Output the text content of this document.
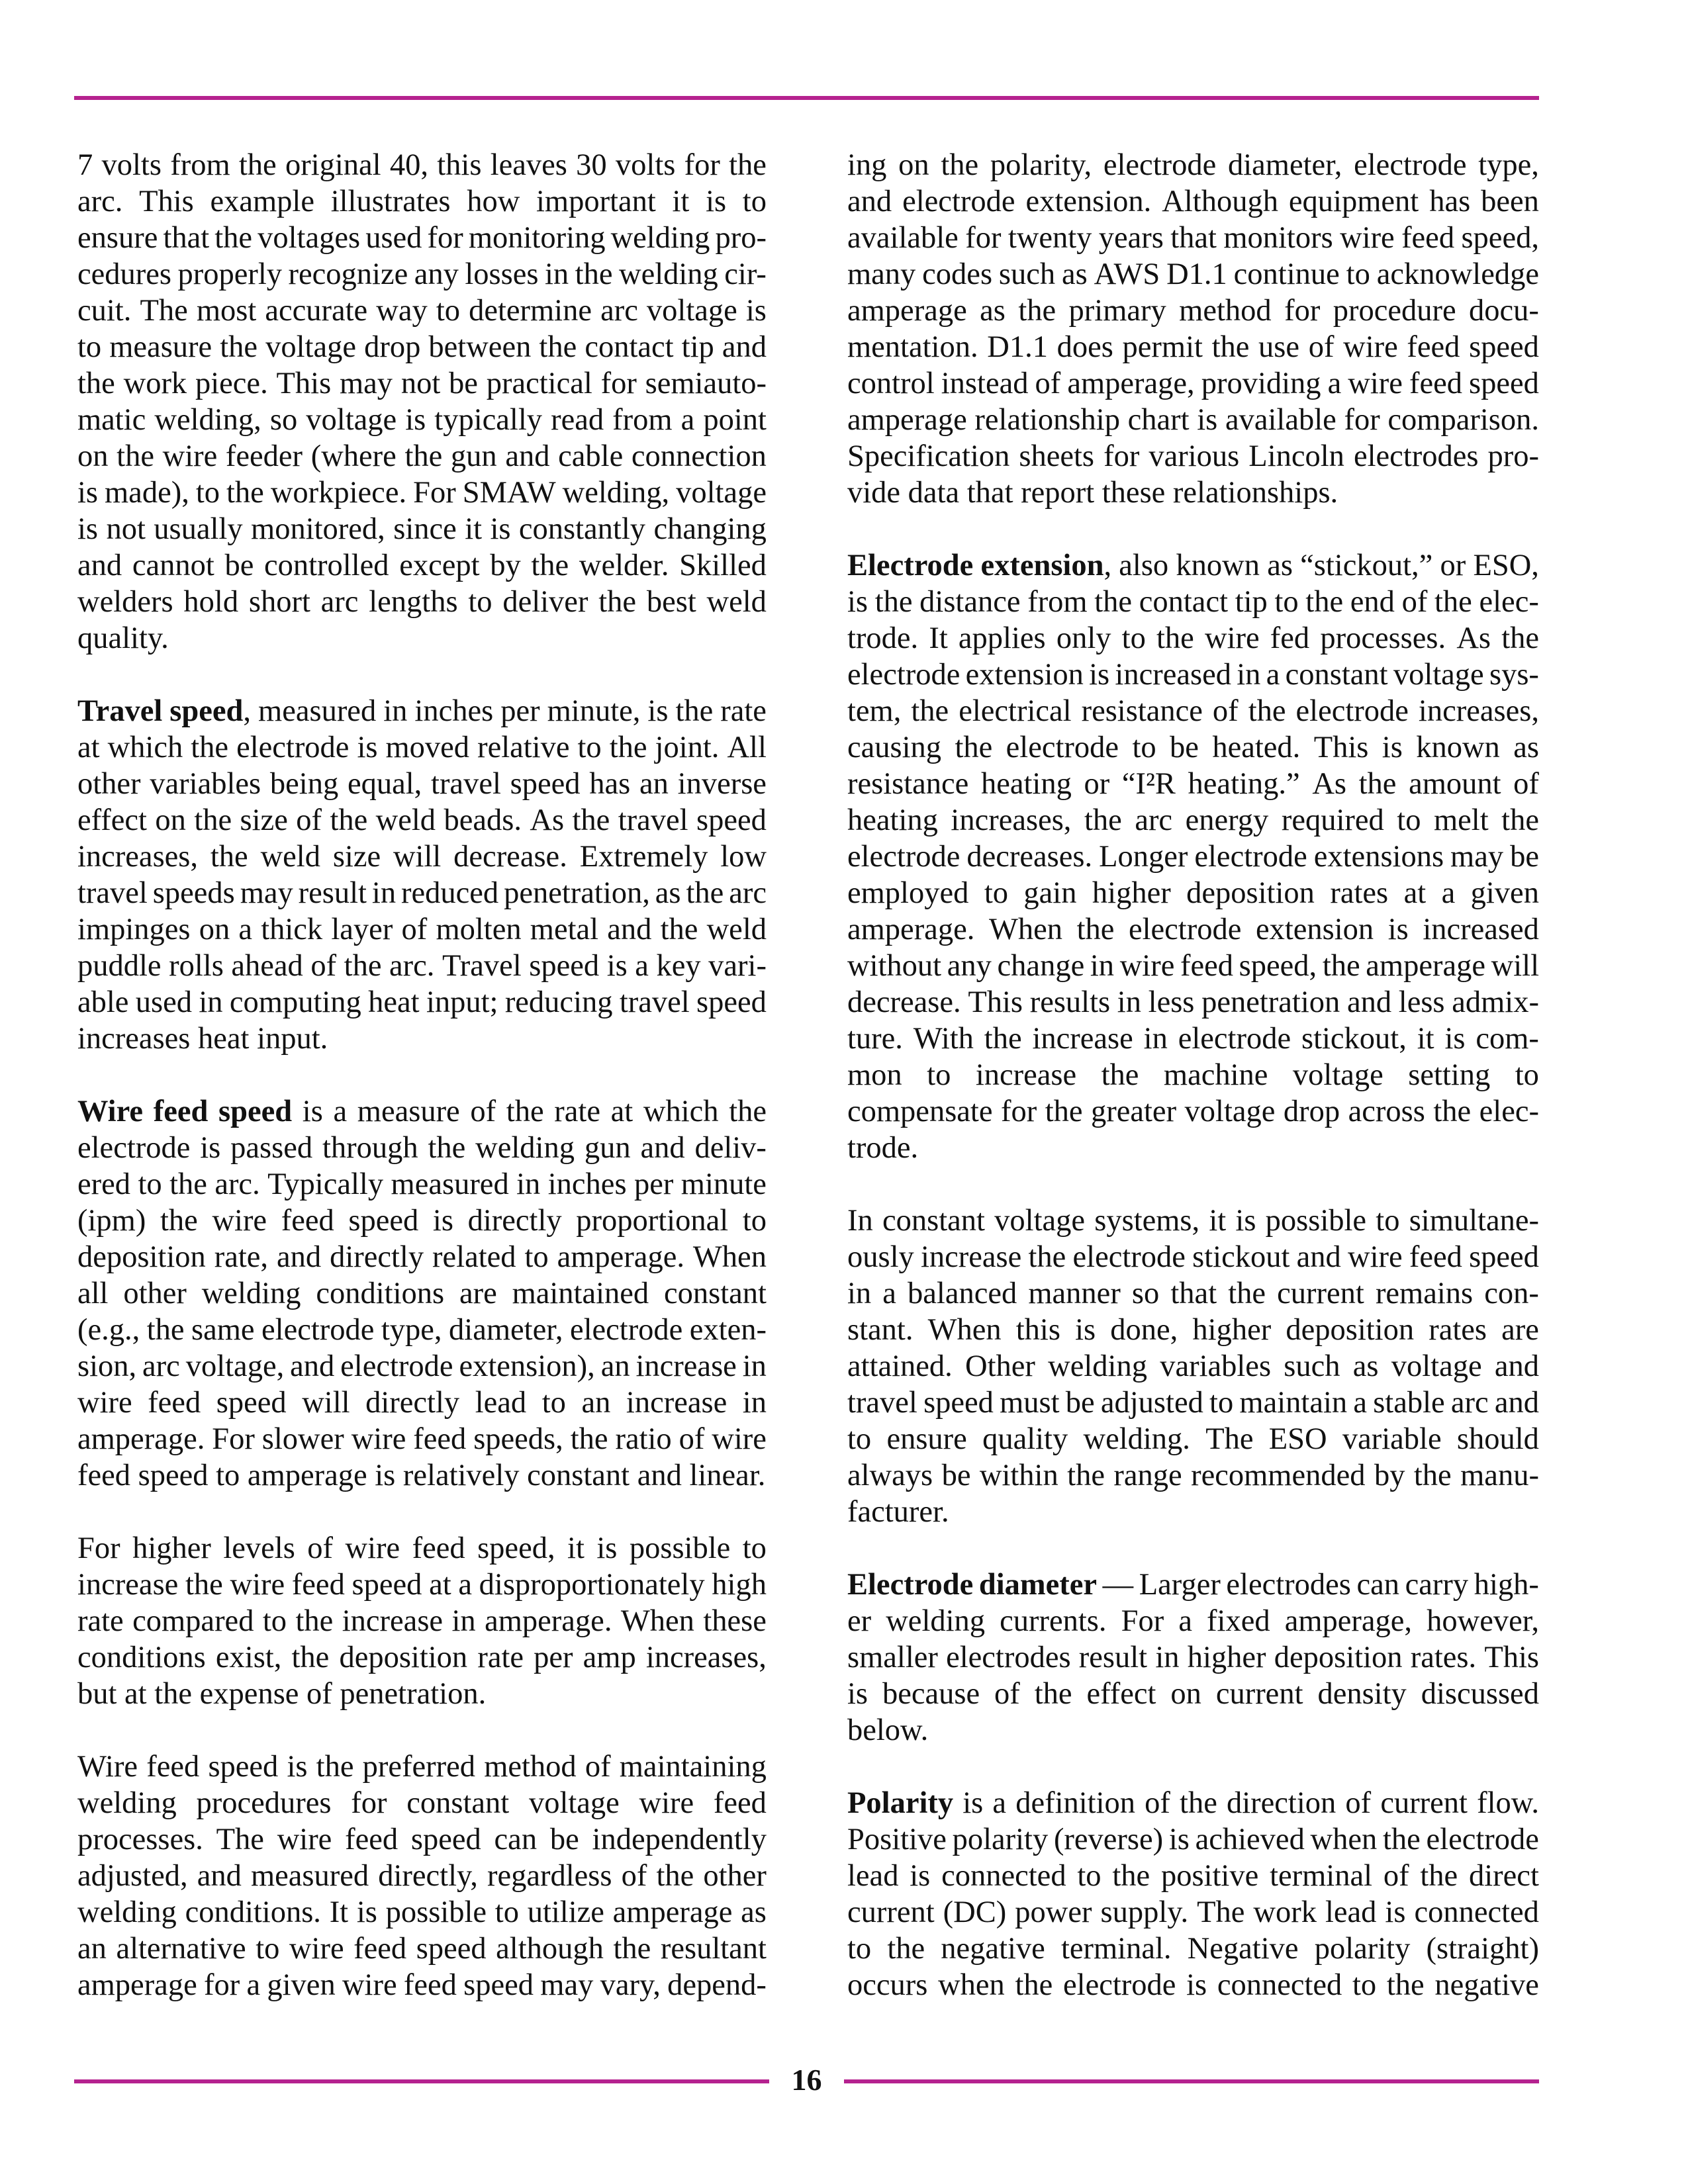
7 volts from the original 40, this leaves 30 volts for the
arc. This example illustrates how important it is to
ensure that the voltages used for monitoring welding pro-
cedures properly recognize any losses in the welding cir-
cuit. The most accurate way to determine arc voltage is
to measure the voltage drop between the contact tip and
the work piece. This may not be practical for semiauto-
matic welding, so voltage is typically read from a point
on the wire feeder (where the gun and cable connection
is made), to the workpiece. For SMAW welding, voltage
is not usually monitored, since it is constantly changing
and cannot be controlled except by the welder. Skilled
welders hold short arc lengths to deliver the best weld
quality.
Travel speed, measured in inches per minute, is the rate
at which the electrode is moved relative to the joint. All
other variables being equal, travel speed has an inverse
effect on the size of the weld beads. As the travel speed
increases, the weld size will decrease. Extremely low
travel speeds may result in reduced penetration, as the arc
impinges on a thick layer of molten metal and the weld
puddle rolls ahead of the arc. Travel speed is a key vari-
able used in computing heat input; reducing travel speed
increases heat input.
Wire feed speed is a measure of the rate at which the
electrode is passed through the welding gun and deliv-
ered to the arc. Typically measured in inches per minute
(ipm) the wire feed speed is directly proportional to
deposition rate, and directly related to amperage. When
all other welding conditions are maintained constant
(e.g., the same electrode type, diameter, electrode exten-
sion, arc voltage, and electrode extension), an increase in
wire feed speed will directly lead to an increase in
amperage. For slower wire feed speeds, the ratio of wire
feed speed to amperage is relatively constant and linear.
For higher levels of wire feed speed, it is possible to
increase the wire feed speed at a disproportionately high
rate compared to the increase in amperage. When these
conditions exist, the deposition rate per amp increases,
but at the expense of penetration.
Wire feed speed is the preferred method of maintaining
welding procedures for constant voltage wire feed
processes. The wire feed speed can be independently
adjusted, and measured directly, regardless of the other
welding conditions. It is possible to utilize amperage as
an alternative to wire feed speed although the resultant
amperage for a given wire feed speed may vary, depend-
ing on the polarity, electrode diameter, electrode type,
and electrode extension. Although equipment has been
available for twenty years that monitors wire feed speed,
many codes such as AWS D1.1 continue to acknowledge
amperage as the primary method for procedure docu-
mentation. D1.1 does permit the use of wire feed speed
control instead of amperage, providing a wire feed speed
amperage relationship chart is available for comparison.
Specification sheets for various Lincoln electrodes pro-
vide data that report these relationships.
Electrode extension, also known as “stickout,” or ESO,
is the distance from the contact tip to the end of the elec-
trode. It applies only to the wire fed processes. As the
electrode extension is increased in a constant voltage sys-
tem, the electrical resistance of the electrode increases,
causing the electrode to be heated. This is known as
resistance heating or “I²R heating.” As the amount of
heating increases, the arc energy required to melt the
electrode decreases. Longer electrode extensions may be
employed to gain higher deposition rates at a given
amperage. When the electrode extension is increased
without any change in wire feed speed, the amperage will
decrease. This results in less penetration and less admix-
ture. With the increase in electrode stickout, it is com-
mon to increase the machine voltage setting to
compensate for the greater voltage drop across the elec-
trode.
In constant voltage systems, it is possible to simultane-
ously increase the electrode stickout and wire feed speed
in a balanced manner so that the current remains con-
stant. When this is done, higher deposition rates are
attained. Other welding variables such as voltage and
travel speed must be adjusted to maintain a stable arc and
to ensure quality welding. The ESO variable should
always be within the range recommended by the manu-
facturer.
Electrode diameter — Larger electrodes can carry high-
er welding currents. For a fixed amperage, however,
smaller electrodes result in higher deposition rates. This
is because of the effect on current density discussed
below.
Polarity is a definition of the direction of current flow.
Positive polarity (reverse) is achieved when the electrode
lead is connected to the positive terminal of the direct
current (DC) power supply. The work lead is connected
to the negative terminal. Negative polarity (straight)
occurs when the electrode is connected to the negative
16
